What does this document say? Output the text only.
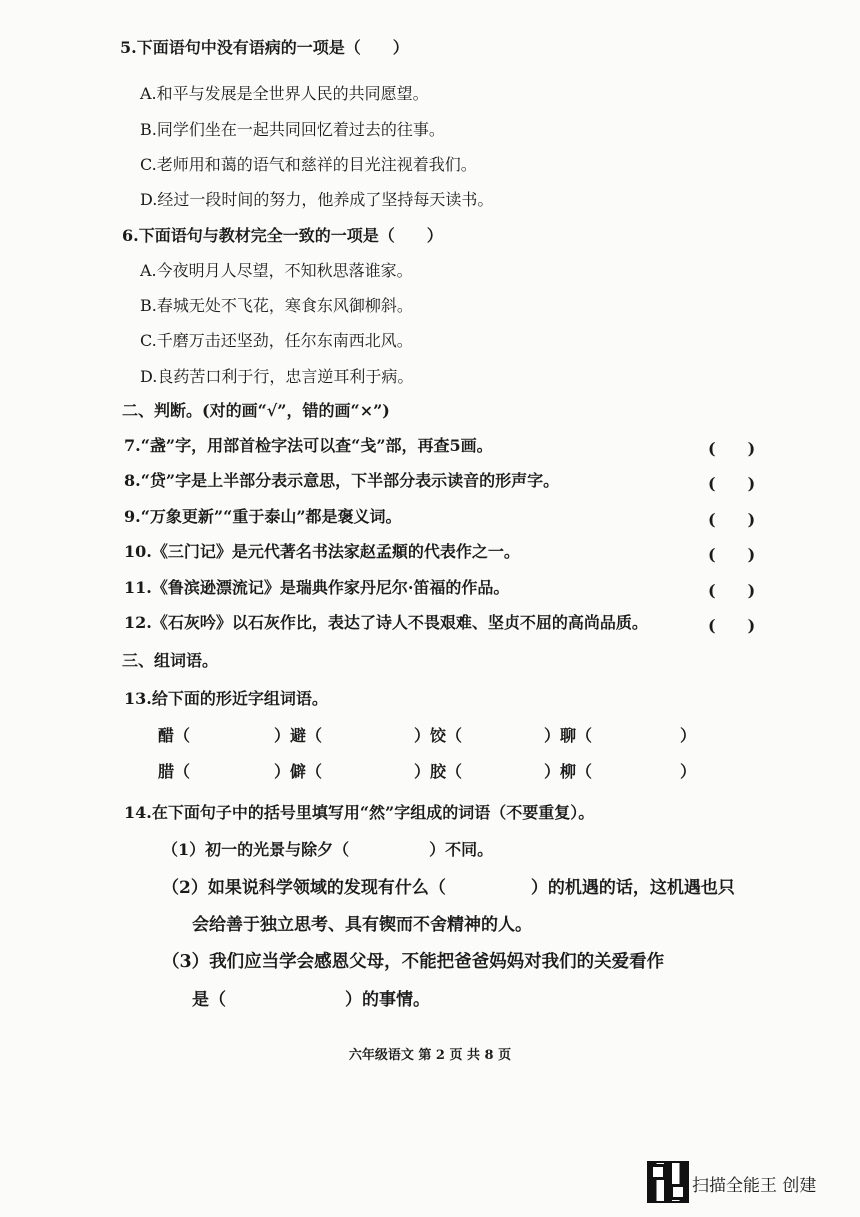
5.下面语句中没有语病的一项是（　　）
A.和平与发展是全世界人民的共同愿望。
B.同学们坐在一起共同回忆着过去的往事。
C.老师用和蔼的语气和慈祥的目光注视着我们。
D.经过一段时间的努力，他养成了坚持每天读书。
6.下面语句与教材完全一致的一项是（　　）
A.今夜明月人尽望，不知秋思落谁家。
B.春城无处不飞花，寒食东风御柳斜。
C.千磨万击还坚劲，任尔东南西北风。
D.良药苦口利于行，忠言逆耳利于病。
二、判断。(对的画“√”，错的画“×”)
7.“盏”字，用部首检字法可以查“戋”部，再查5画。	(　　)
8.“贷”字是上半部分表示意思，下半部分表示读音的形声字。	(　　)
9.“万象更新”“重于泰山”都是褒义词。	(　　)
10.《三门记》是元代著名书法家赵孟頫的代表作之一。	(　　)
11.《鲁滨逊漂流记》是瑞典作家丹尼尔·笛福的作品。	(　　)
12.《石灰吟》以石灰作比，表达了诗人不畏艰难、坚贞不屈的高尚品质。	(　　)
三、组词语。
13.给下面的形近字组词语。
醋（	）避（	）饺（	）聊（	）
腊（	）僻（	）胶（	）柳（	）
14.在下面句子中的括号里填写用“然”字组成的词语（不要重复）。
（1）初一的光景与除夕（　　　　　）不同。
（2）如果说科学领域的发现有什么（　　　　　）的机遇的话，这机遇也只
会给善于独立思考、具有锲而不舍精神的人。
（3）我们应当学会感恩父母，不能把爸爸妈妈对我们的关爱看作
是（　　　　　　　）的事情。
六年级语文 第 2 页 共 8 页
扫描全能王 创建
